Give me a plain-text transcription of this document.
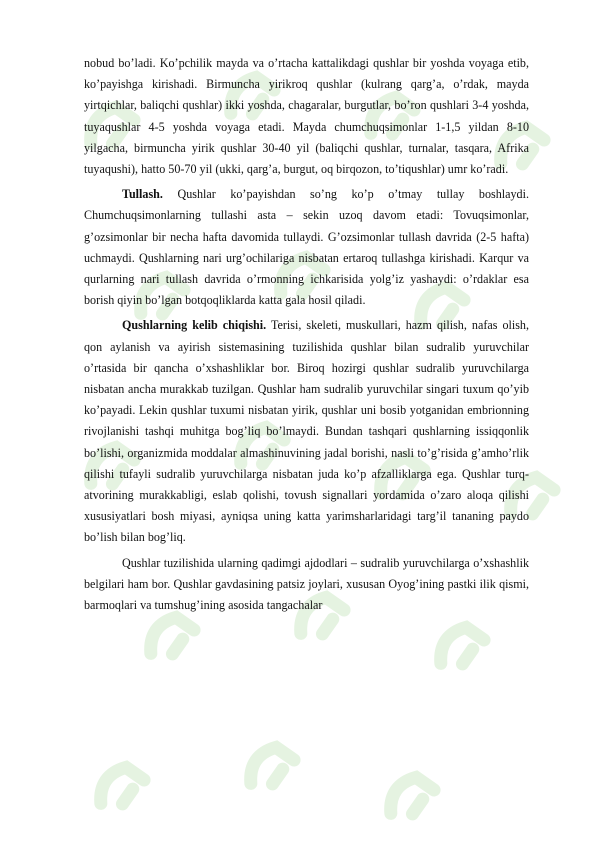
nobud bo’ladi. Ko’pchilik mayda va o’rtacha kattalikdagi qushlar bir yoshda voyaga etib, ko’payishga kirishadi. Birmuncha yirikroq qushlar (kulrang qarg’a, o’rdak, mayda yirtqichlar, baliqchi qushlar) ikki yoshda, chagaralar, burgutlar, bo’ron qushlari 3-4 yoshda, tuyaqushlar 4-5 yoshda voyaga etadi. Mayda chumchuqsimonlar 1-1,5 yildan 8-10 yilgacha, birmuncha yirik qushlar 30-40 yil (baliqchi qushlar, turnalar, tasqara, Afrika tuyaqushi), hatto 50-70 yil (ukki, qarg’a, burgut, oq birqozon, to’tiqushlar) umr ko’radi.

Tullash. Qushlar ko’payishdan so’ng ko’p o’tmay tullay boshlaydi. Chumchuqsimonlarning tullashi asta – sekin uzoq davom etadi: Tovuqsimonlar, g’ozsimonlar bir necha hafta davomida tullaydi. G’ozsimonlar tullash davrida (2-5 hafta) uchmaydi. Qushlarning nari urg’ochilariga nisbatan ertaroq tullashga kirishadi. Karqur va qurlarning nari tullash davrida o’rmonning ichkarisida yolg’iz yashaydi: o’rdaklar esa borish qiyin bo’lgan botqoqliklarda katta gala hosil qiladi.

Qushlarning kelib chiqishi. Terisi, skeleti, muskullari, hazm qilish, nafas olish, qon aylanish va ayirish sistemasining tuzilishida qushlar bilan sudralib yuruvchilar o’rtasida bir qancha o’xshashliklar bor. Biroq hozirgi qushlar sudralib yuruvchilarga nisbatan ancha murakkab tuzilgan. Qushlar ham sudralib yuruvchilar singari tuxum qo’yib ko’payadi. Lekin qushlar tuxumi nisbatan yirik, qushlar uni bosib yotganidan embrionning rivojlanishi tashqi muhitga bog’liq bo’lmaydi. Bundan tashqari qushlarning issiqqonlik bo’lishi, organizmida moddalar almashinuvining jadal borishi, nasli to’g’risida g’amho’rlik qilishi tufayli sudralib yuruvchilarga nisbatan juda ko’p afzalliklarga ega. Qushlar turq-atvorining murakkabligi, eslab qolishi, tovush signallari yordamida o’zaro aloqa qilishi xususiyatlari bosh miyasi, ayniqsa uning katta yarimsharlaridagi targ’il tananing paydo bo’lish bilan bog’liq.

Qushlar tuzilishida ularning qadimgi ajdodlari – sudralib yuruvchilarga o’xshashlik belgilari ham bor. Qushlar gavdasining patsiz joylari, xususan Oyog’ining pastki ilik qismi, barmoqlari va tumshug’ining asosida tangachalar
